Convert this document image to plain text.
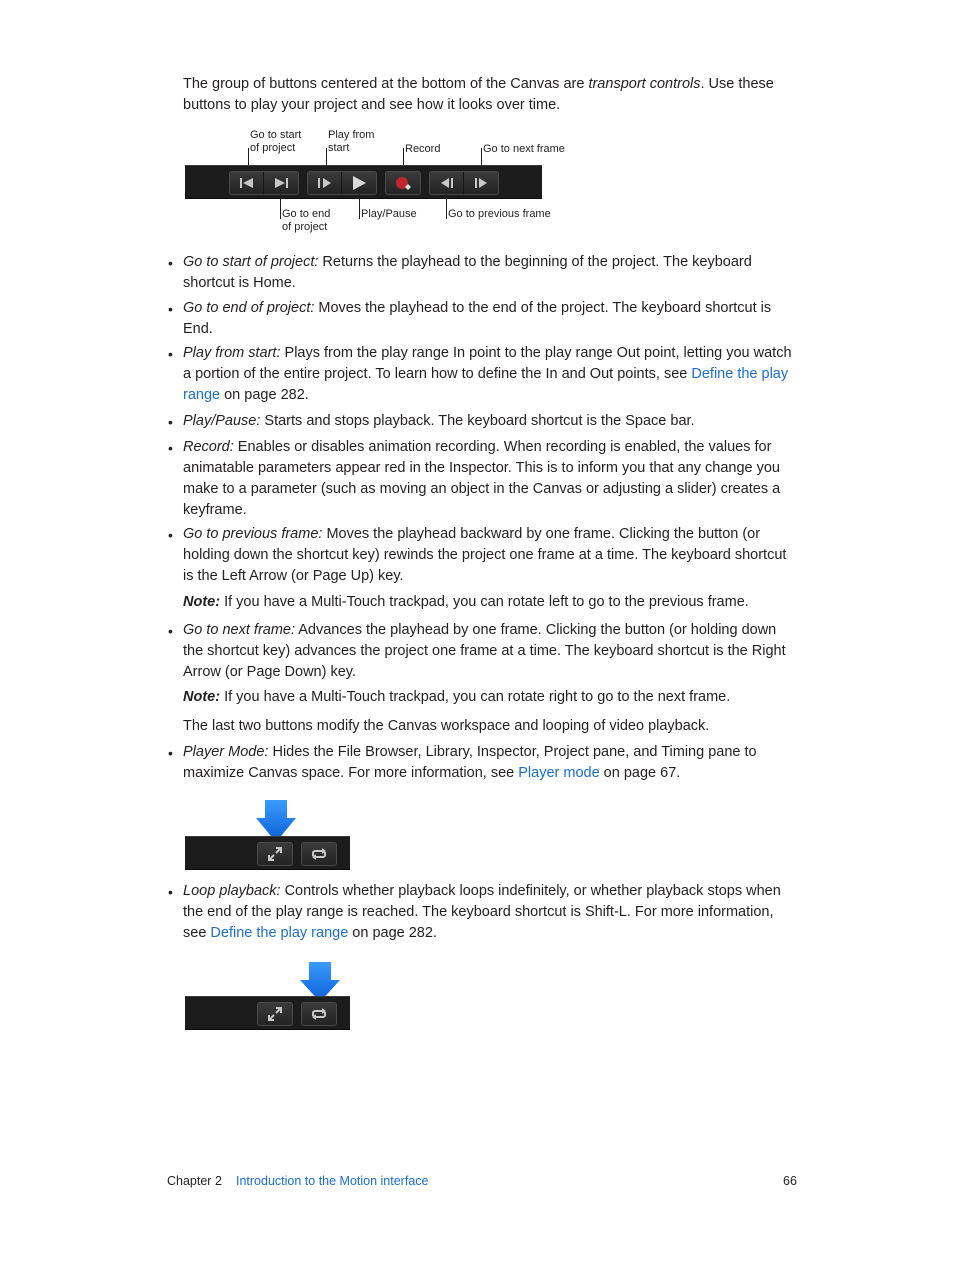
The group of buttons centered at the bottom of the Canvas are transport controls. Use these buttons to play your project and see how it looks over time.

Go to start
of project
Play from
start	Record	Go to next frame
Go to end
of project
Play/Pause	Go to previous frame
• Go to start of project: Returns the playhead to the beginning of the project. The keyboard shortcut is Home.

• Go to end of project: Moves the playhead to the end of the project. The keyboard shortcut is End.

• Play from start: Plays from the play range In point to the play range Out point, letting you watch a portion of the entire project. To learn how to define the In and Out points, see Define the play range on page 282.

• Play/Pause: Starts and stops playback. The keyboard shortcut is the Space bar.

• Record: Enables or disables animation recording. When recording is enabled, the values for animatable parameters appear red in the Inspector. This is to inform you that any change you make to a parameter (such as moving an object in the Canvas or adjusting a slider) creates a keyframe.

• Go to previous frame: Moves the playhead backward by one frame. Clicking the button (or holding down the shortcut key) rewinds the project one frame at a time. The keyboard shortcut is the Left Arrow (or Page Up) key.

Note: If you have a Multi-Touch trackpad, you can rotate left to go to the previous frame.

• Go to next frame: Advances the playhead by one frame. Clicking the button (or holding down the shortcut key) advances the project one frame at a time. The keyboard shortcut is the Right Arrow (or Page Down) key.

Note: If you have a Multi-Touch trackpad, you can rotate right to go to the next frame.

The last two buttons modify the Canvas workspace and looping of video playback.

• Player Mode: Hides the File Browser, Library, Inspector, Project pane, and Timing pane to maximize Canvas space. For more information, see Player mode on page 67.

• Loop playback: Controls whether playback loops indefinitely, or whether playback stops when the end of the play range is reached. The keyboard shortcut is Shift-L. For more information, see Define the play range on page 282.

Chapter 2 Introduction to the Motion interface	66
